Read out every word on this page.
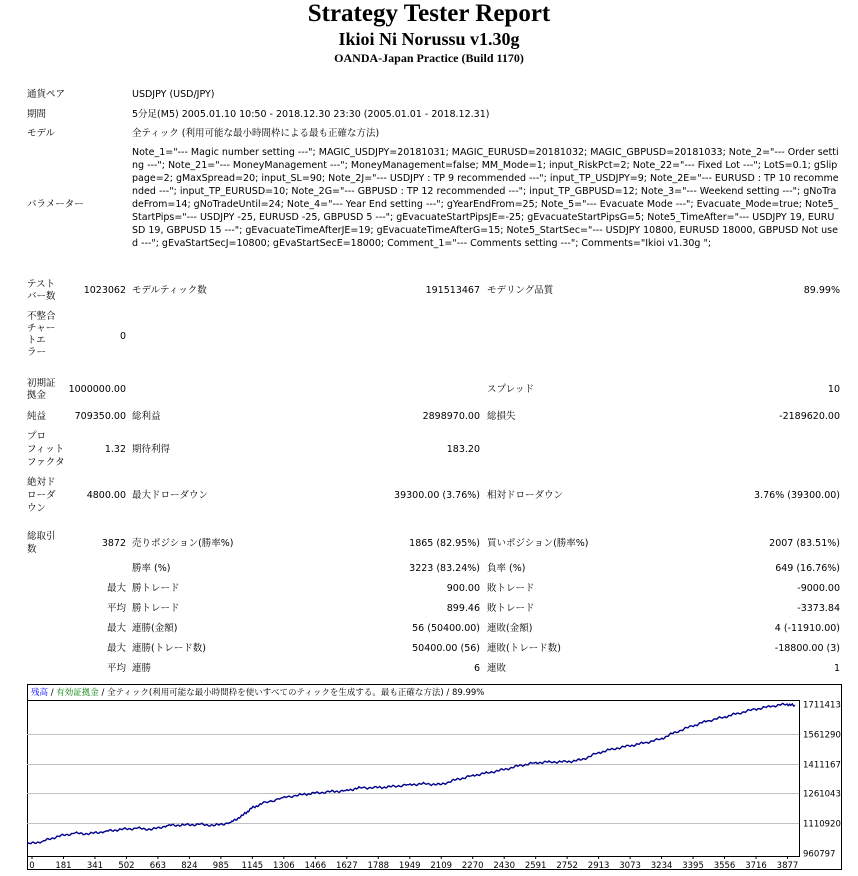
Strategy Tester Report
Ikioi Ni Norussu v1.30g
OANDA-Japan Practice (Build 1170)
通貨ペア	USDJPY (USD/JPY)
期間	5分足(M5) 2005.01.10 10:50 - 2018.12.30 23:30 (2005.01.01 - 2018.12.31)
モデル	全ティック (利用可能な最小時間枠による最も正確な方法)
パラメーター
Note_1="--- Magic number setting ---"; MAGIC_USDJPY=20181031; MAGIC_EURUSD=20181032; MAGIC_GBPUSD=20181033; Note_2="--- Order setting ---"; Note_21="--- MoneyManagement ---"; MoneyManagement=false; MM_Mode=1; input_RiskPct=2; Note_22="--- Fixed Lot ---"; LotS=0.1; gSlippage=2; gMaxSpread=20; input_SL=90; Note_2J="--- USDJPY : TP 9 recommended ---"; input_TP_USDJPY=9; Note_2E="--- EURUSD : TP 10 recommended ---"; input_TP_EURUSD=10; Note_2G="--- GBPUSD : TP 12 recommended ---"; input_TP_GBPUSD=12; Note_3="--- Weekend setting ---"; gNoTradeFrom=14; gNoTradeUntil=24; Note_4="--- Year End setting ---"; gYearEndFrom=25; Note_5="--- Evacuate Mode ---"; Evacuate_Mode=true; Note5_StartPips="--- USDJPY -25, EURUSD -25, GBPUSD 5 ---"; gEvacuateStartPipsJE=-25; gEvacuateStartPipsG=5; Note5_TimeAfter="--- USDJPY 19, EURUSD 19, GBPUSD 15 ---"; gEvacuateTimeAfterJE=19; gEvacuateTimeAfterG=15; Note5_StartSec="--- USDJPY 10800, EURUSD 18000, GBPUSD Not used ---"; gEvaStartSecJ=10800; gEvaStartSecE=18000; Comment_1="--- Comments setting ---"; Comments="Ikioi v1.30g ";
テスト
バー数
1023062 モデルティック数	191513467 モデリング品質	89.99%
不整合
チャー
トエ
ラー
0
初期証
拠金
1000000.00	スプレッド	10
純益	709350.00 総利益	2898970.00 総損失	-2189620.00
プロ
フィット
ファクタ
1.32 期待利得	183.20
絶対ド
ローダ
ウン
4800.00 最大ドローダウン	39300.00 (3.76%) 相対ドローダウン	3.76% (39300.00)
総取引
数
3872 売りポジション(勝率%)	1865 (82.95%) 買いポジション(勝率%)	2007 (83.51%)
勝率 (%)	3223 (83.24%) 負率 (%)	649 (16.76%)
最大 勝トレード	900.00 敗トレード	-9000.00
平均 勝トレード	899.46 敗トレード	-3373.84
最大 連勝(金額)	56 (50400.00) 連敗(金額)	4 (-11910.00)
最大 連勝(トレード数)	50400.00 (56) 連敗(トレード数)	-18800.00 (3)
平均 連勝	6 連敗	1
残高 / 有効証拠金 / 全ティック(利用可能な最小時間枠を使いすべてのティックを生成する。最も正確な方法) / 89.99%
1711413
1561290
1411167
1261043
1110920
960797
0 181 341 502 663 824 985 1145 1306 1466 1627 1788 1949 2109 2270 2430 2591 2752 2913 3073 3234 3395 3556 3716 3877
